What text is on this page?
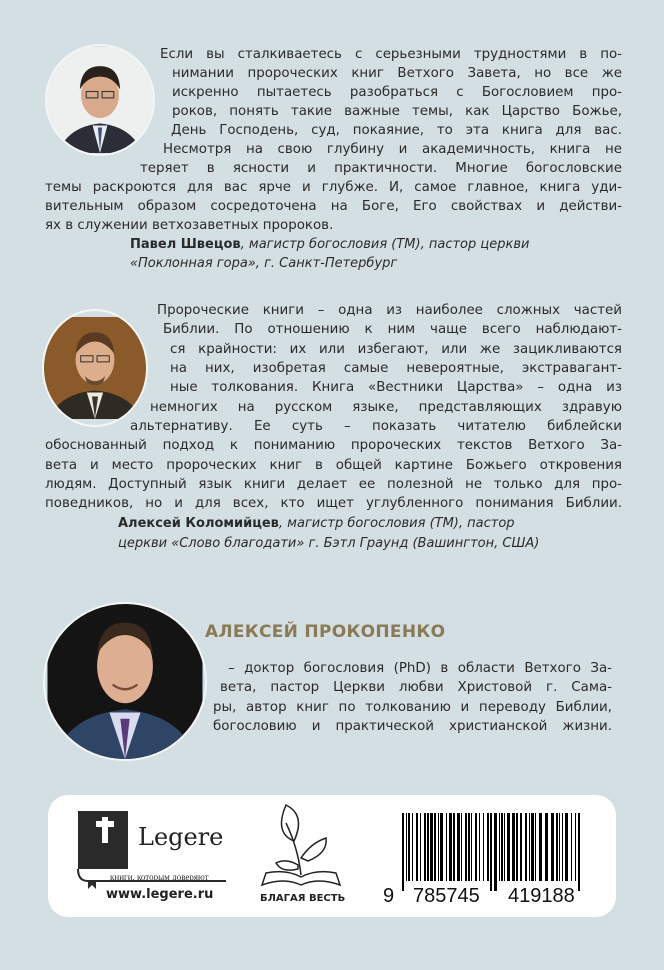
Если вы сталкиваетесь с серьезными трудностями в по-
нимании пророческих книг Ветхого Завета, но все же
искренно пытаетесь разобраться с Богословием про-
роков, понять такие важные темы, как Царство Божье,
День Господень, суд, покаяние, то эта книга для вас.
Несмотря на свою глубину и академичность, книга не
теряет в ясности и практичности. Многие богословские
темы раскроются для вас ярче и глубже. И, самое главное, книга уди-
вительным образом сосредоточена на Боге, Его свойствах и действи-
ях в служении ветхозаветных пророков.
Павел Швецов, магистр богословия (ТМ), пастор церкви
«Поклонная гора», г. Санкт-Петербург
Пророческие книги – одна из наиболее сложных частей
Библии. По отношению к ним чаще всего наблюдают-
ся крайности: их или избегают, или же зацикливаются
на них, изобретая самые невероятные, экстравагант-
ные толкования. Книга «Вестники Царства» – одна из
немногих на русском языке, представляющих здравую
альтернативу. Ее суть – показать читателю библейски
обоснованный подход к пониманию пророческих текстов Ветхого За-
вета и место пророческих книг в общей картине Божьего откровения
людям. Доступный язык книги делает ее полезной не только для про-
поведников, но и для всех, кто ищет углубленного понимания Библии.
Алексей Коломийцев, магистр богословия (ТМ), пастор
церкви «Слово благодати» г. Бэтл Граунд (Вашингтон, США)
АЛЕКСЕЙ ПРОКОПЕНКО
– доктор богословия (PhD) в области Ветхого За-
вета, пастор Церкви любви Христовой г. Сама-
ры, автор книг по толкованию и переводу Библии,
богословию и практической христианской жизни.
Legere
книги, которым доверяют
www.legere.ru	БЛАГАЯ ВЕСТЬ 9 785745 419188
